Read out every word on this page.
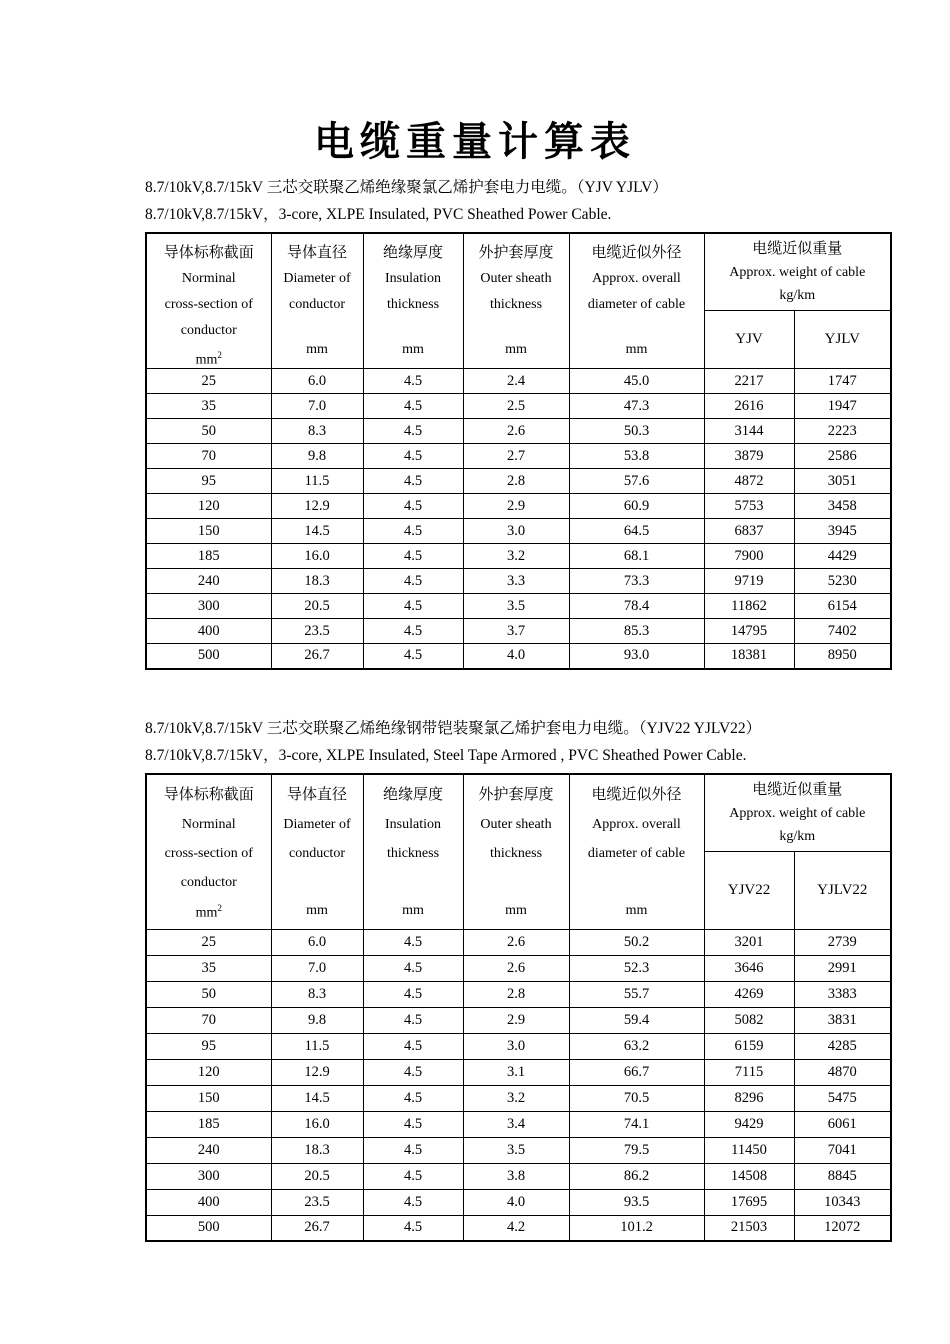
电缆重量计算表

8.7/10kV,8.7/15kV 三芯交联聚乙烯绝缘聚氯乙烯护套电力电缆。（YJV YJLV）

8.7/10kV,8.7/15kV，3-core, XLPE Insulated, PVC Sheathed Power Cable.

导体标称截面
Norminal
cross-section of
conductor
$mm^2$	导体直径
Diameter of
conductor
mm	绝缘厚度
Insulation
thickness
mm	外护套厚度
Outer sheath
thickness
mm	电缆近似外径
Approx. overall
diameter of cable
mm	电缆近似重量
Approx. weight of cable
kg/km	

					YJV	YJLV
25	6.0	4.5	2.4	45.0	2217	1747
35	7.0	4.5	2.5	47.3	2616	1947
50	8.3	4.5	2.6	50.3	3144	2223
70	9.8	4.5	2.7	53.8	3879	2586
95	11.5	4.5	2.8	57.6	4872	3051
120	12.9	4.5	2.9	60.9	5753	3458
150	14.5	4.5	3.0	64.5	6837	3945
185	16.0	4.5	3.2	68.1	7900	4429
240	18.3	4.5	3.3	73.3	9719	5230
300	20.5	4.5	3.5	78.4	11862	6154
400	23.5	4.5	3.7	85.3	14795	7402
500	26.7	4.5	4.0	93.0	18381	8950

8.7/10kV,8.7/15kV 三芯交联聚乙烯绝缘钢带铠装聚氯乙烯护套电力电缆。（YJV22 YJLV22）

8.7/10kV,8.7/15kV，3-core, XLPE Insulated, Steel Tape Armored , PVC Sheathed Power Cable.

导体标称截面
Norminal
cross-section of
conductor
$mm^2$	导体直径
Diameter of
conductor
mm	绝缘厚度
Insulation
thickness
mm	外护套厚度
Outer sheath
thickness
mm	电缆近似外径
Approx. overall
diameter of cable
mm	电缆近似重量
Approx. weight of cable
kg/km	

					YJV22	YJLV22
25	6.0	4.5	2.6	50.2	3201	2739
35	7.0	4.5	2.6	52.3	3646	2991
50	8.3	4.5	2.8	55.7	4269	3383
70	9.8	4.5	2.9	59.4	5082	3831
95	11.5	4.5	3.0	63.2	6159	4285
120	12.9	4.5	3.1	66.7	7115	4870
150	14.5	4.5	3.2	70.5	8296	5475
185	16.0	4.5	3.4	74.1	9429	6061
240	18.3	4.5	3.5	79.5	11450	7041
300	20.5	4.5	3.8	86.2	14508	8845
400	23.5	4.5	4.0	93.5	17695	10343
500	26.7	4.5	4.2	101.2	21503	12072
